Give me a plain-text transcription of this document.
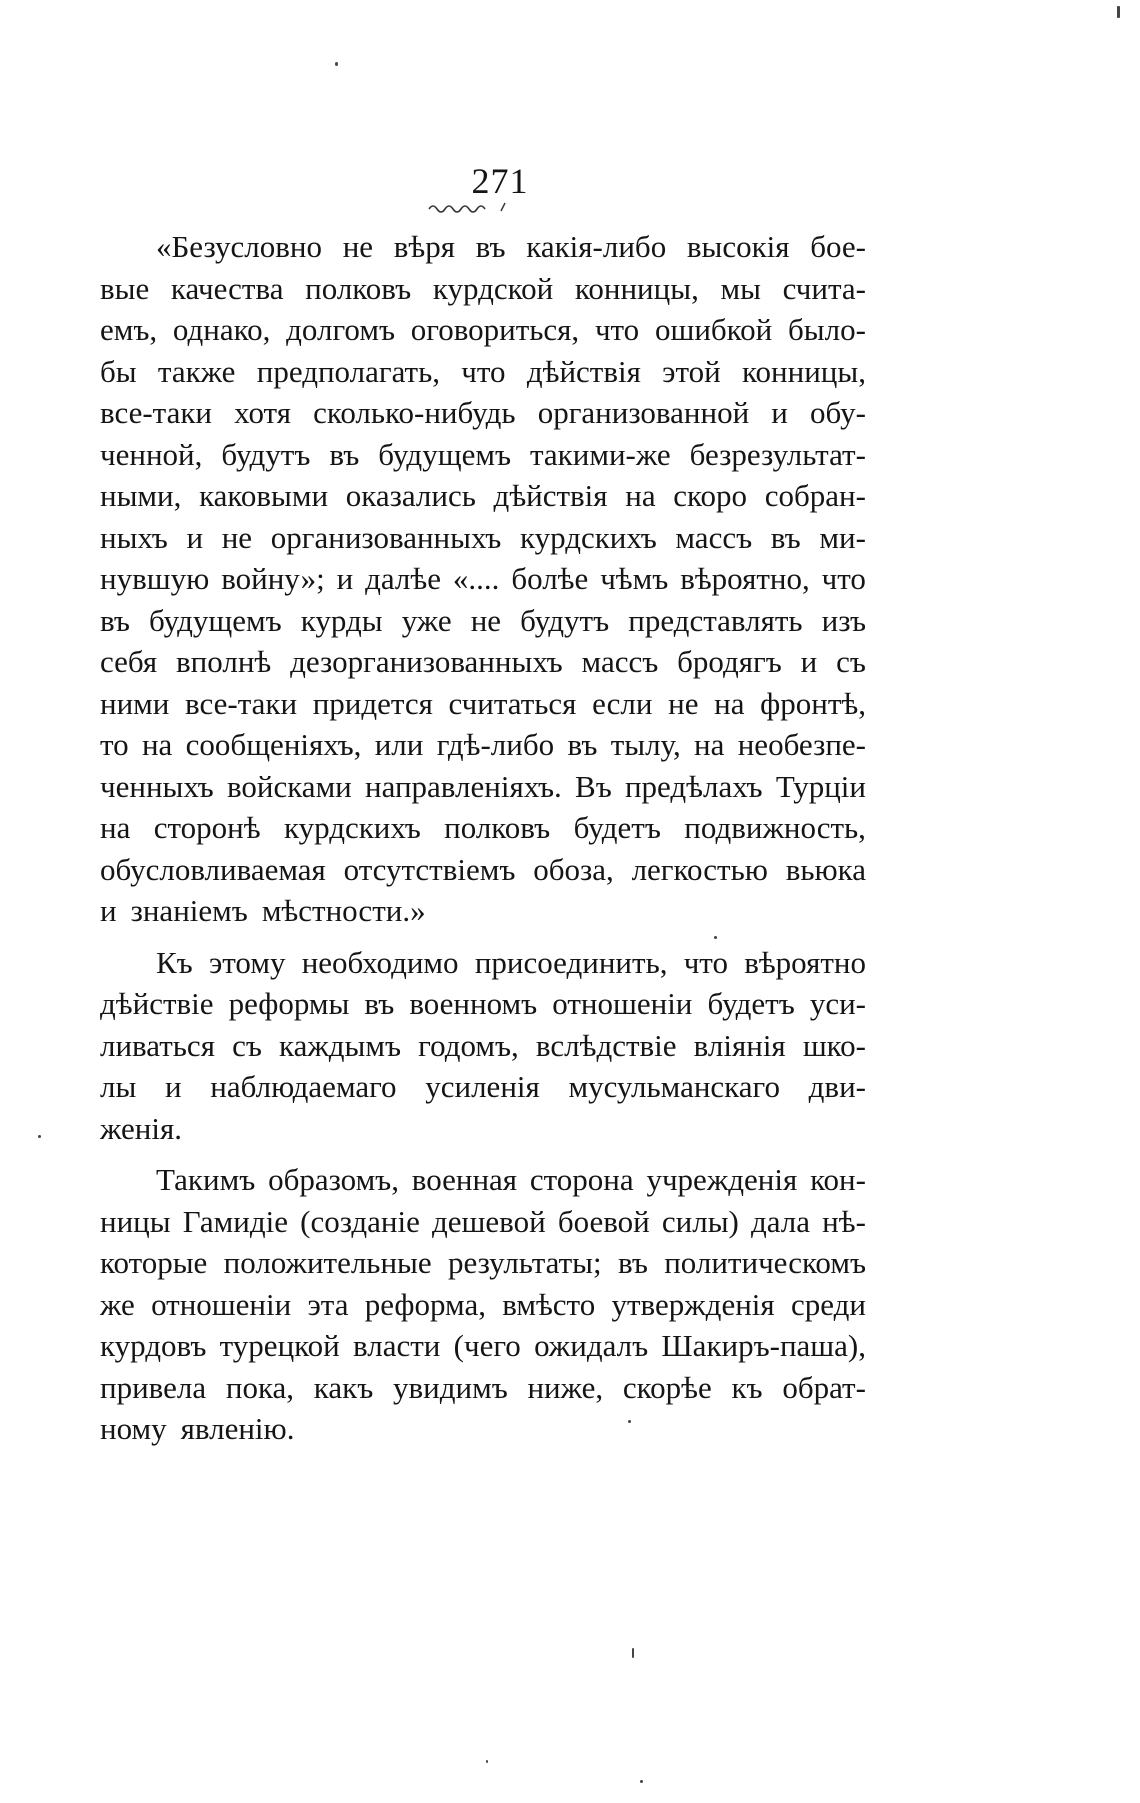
271
«Безусловно не вѣря въ какія-либо высокія бое-
вые качества полковъ курдской конницы, мы счита-
емъ, однако, долгомъ оговориться, что ошибкой было-
бы также предполагать, что дѣйствія этой конницы,
все-таки хотя сколько-нибудь организованной и обу-
ченной, будутъ въ будущемъ такими-же безрезультат-
ными, каковыми оказались дѣйствія на скоро собран-
ныхъ и не организованныхъ курдскихъ массъ въ ми-
нувшую войну»; и далѣе «.... болѣе чѣмъ вѣроятно, что
въ будущемъ курды уже не будутъ представлять изъ
себя вполнѣ дезорганизованныхъ массъ бродягъ и съ
ними все-таки придется считаться если не на фронтѣ,
то на сообщеніяхъ, или гдѣ-либо въ тылу, на необезпе-
ченныхъ войсками направленіяхъ. Въ предѣлахъ Турціи
на сторонѣ курдскихъ полковъ будетъ подвижность,
обусловливаемая отсутствіемъ обоза, легкостью вьюка
и знаніемъ мѣстности.»
Къ этому необходимо присоединить, что вѣроятно
дѣйствіе реформы въ военномъ отношеніи будетъ уси-
ливаться съ каждымъ годомъ, вслѣдствіе вліянія шко-
лы и наблюдаемаго усиленія мусульманскаго дви-
женія.
Такимъ образомъ, военная сторона учрежденія кон-
ницы Гамидіе (созданіе дешевой боевой силы) дала нѣ-
которые положительные результаты; въ политическомъ
же отношеніи эта реформа, вмѣсто утвержденія среди
курдовъ турецкой власти (чего ожидалъ Шакиръ-паша),
привела пока, какъ увидимъ ниже, скорѣе къ обрат-
ному явленію.
